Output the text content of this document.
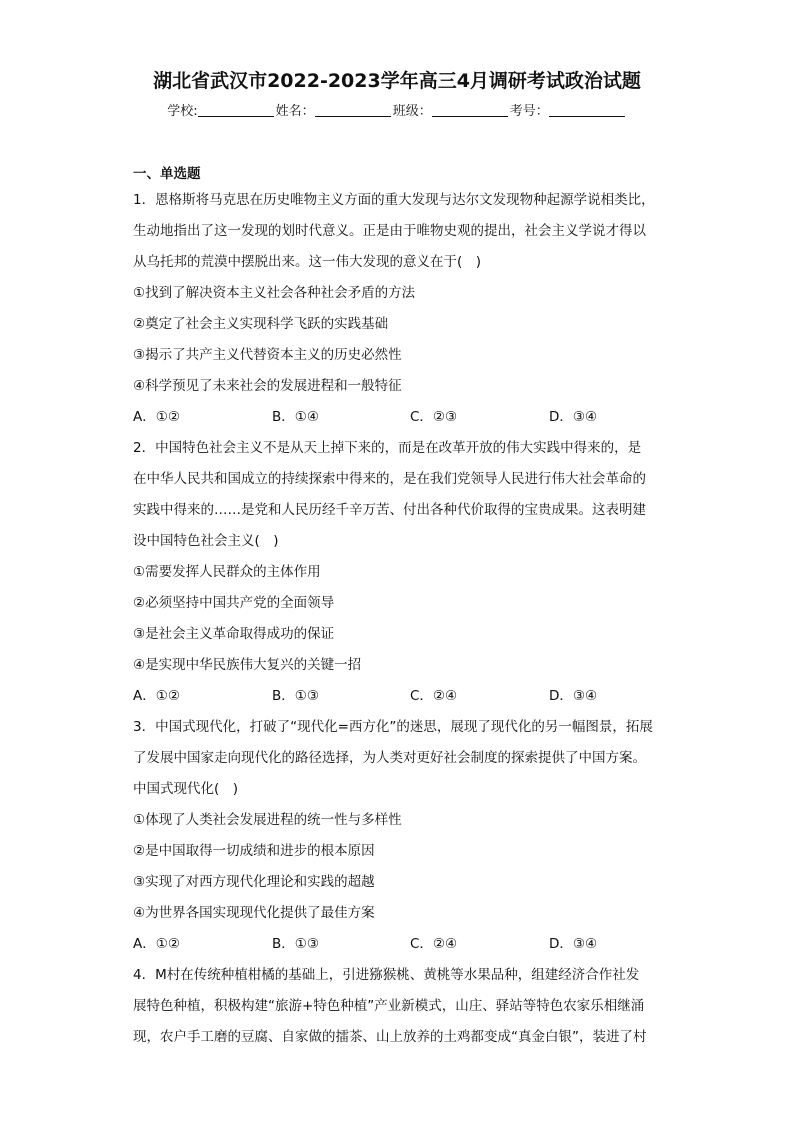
湖北省武汉市2022-2023学年高三4月调研考试政治试题
学校:	姓名：	班级：	考号：
一、单选题
1．恩格斯将马克思在历史唯物主义方面的重大发现与达尔文发现物种起源学说相类比，
生动地指出了这一发现的划时代意义。正是由于唯物史观的提出，社会主义学说才得以
从乌托邦的荒漠中摆脱出来。这一伟大发现的意义在于(　)
①找到了解决资本主义社会各种社会矛盾的方法
②奠定了社会主义实现科学飞跃的实践基础
③揭示了共产主义代替资本主义的历史必然性
④科学预见了未来社会的发展进程和一般特征
A．①②	B．①④	C．②③	D．③④
2．中国特色社会主义不是从天上掉下来的，而是在改革开放的伟大实践中得来的，是
在中华人民共和国成立的持续探索中得来的，是在我们党领导人民进行伟大社会革命的
实践中得来的……是党和人民历经千辛万苦、付出各种代价取得的宝贵成果。这表明建
设中国特色社会主义(　)
①需要发挥人民群众的主体作用
②必须坚持中国共产党的全面领导
③是社会主义革命取得成功的保证
④是实现中华民族伟大复兴的关键一招
A．①②	B．①③	C．②④	D．③④
3．中国式现代化，打破了“现代化=西方化”的迷思，展现了现代化的另一幅图景，拓展
了发展中国家走向现代化的路径选择，为人类对更好社会制度的探索提供了中国方案。
中国式现代化(　)
①体现了人类社会发展进程的统一性与多样性
②是中国取得一切成绩和进步的根本原因
③实现了对西方现代化理论和实践的超越
④为世界各国实现现代化提供了最佳方案
A．①②	B．①③	C．②④	D．③④
4．M村在传统种植柑橘的基础上，引进猕猴桃、黄桃等水果品种，组建经济合作社发
展特色种植，积极构建“旅游+特色种植”产业新模式，山庄、驿站等特色农家乐相继涌
现，农户手工磨的豆腐、自家做的擂茶、山上放养的土鸡都变成“真金白银”，装进了村
